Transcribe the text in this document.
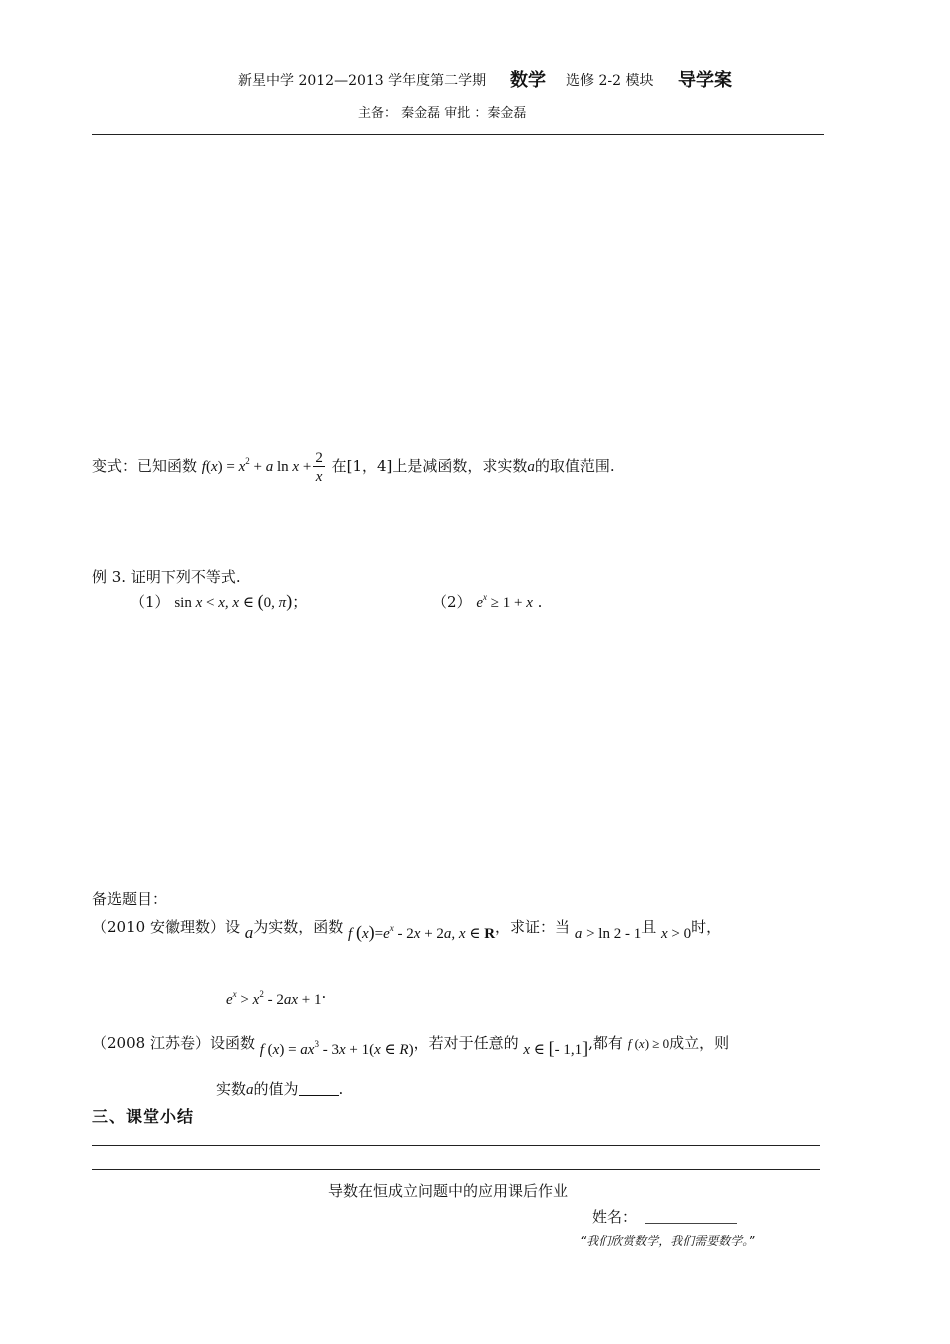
新星中学 2012—2013 学年度第二学期 数学 选修 2-2 模块 导学案
主备： 秦金磊 审批 ：秦金磊
变式：已知函数 $f(x) = x^2 + a$ $\ln x + \frac{2}{x}$ 在[1，4]上是减函数，求实数a的取值范围.
例 3. 证明下列不等式.
（1） sin x < x, x ∈ (0, π)；	（2） $e^x \ge 1 + x$ .
备选题目：
（2010 安徽理数）设 a为实数，函数 f $(x)=e^x - 2x + 2a$, x ∈ R，求证：当 a > ln 2 - 1且 x > 0时，
$e^x > x^2 - 2ax + 1$.
（2008 江苏卷）设函数 f $(x) = ax^3 - 3x + 1(x$ ∈ R)，若对于任意的 x ∈ [- 1,1],都有 f (x) ≥ 0成立，则
实数a的值为	.
三、课堂小结
导数在恒成立问题中的应用课后作业
姓名：
“我们欣赏数学，我们需要数学。”
